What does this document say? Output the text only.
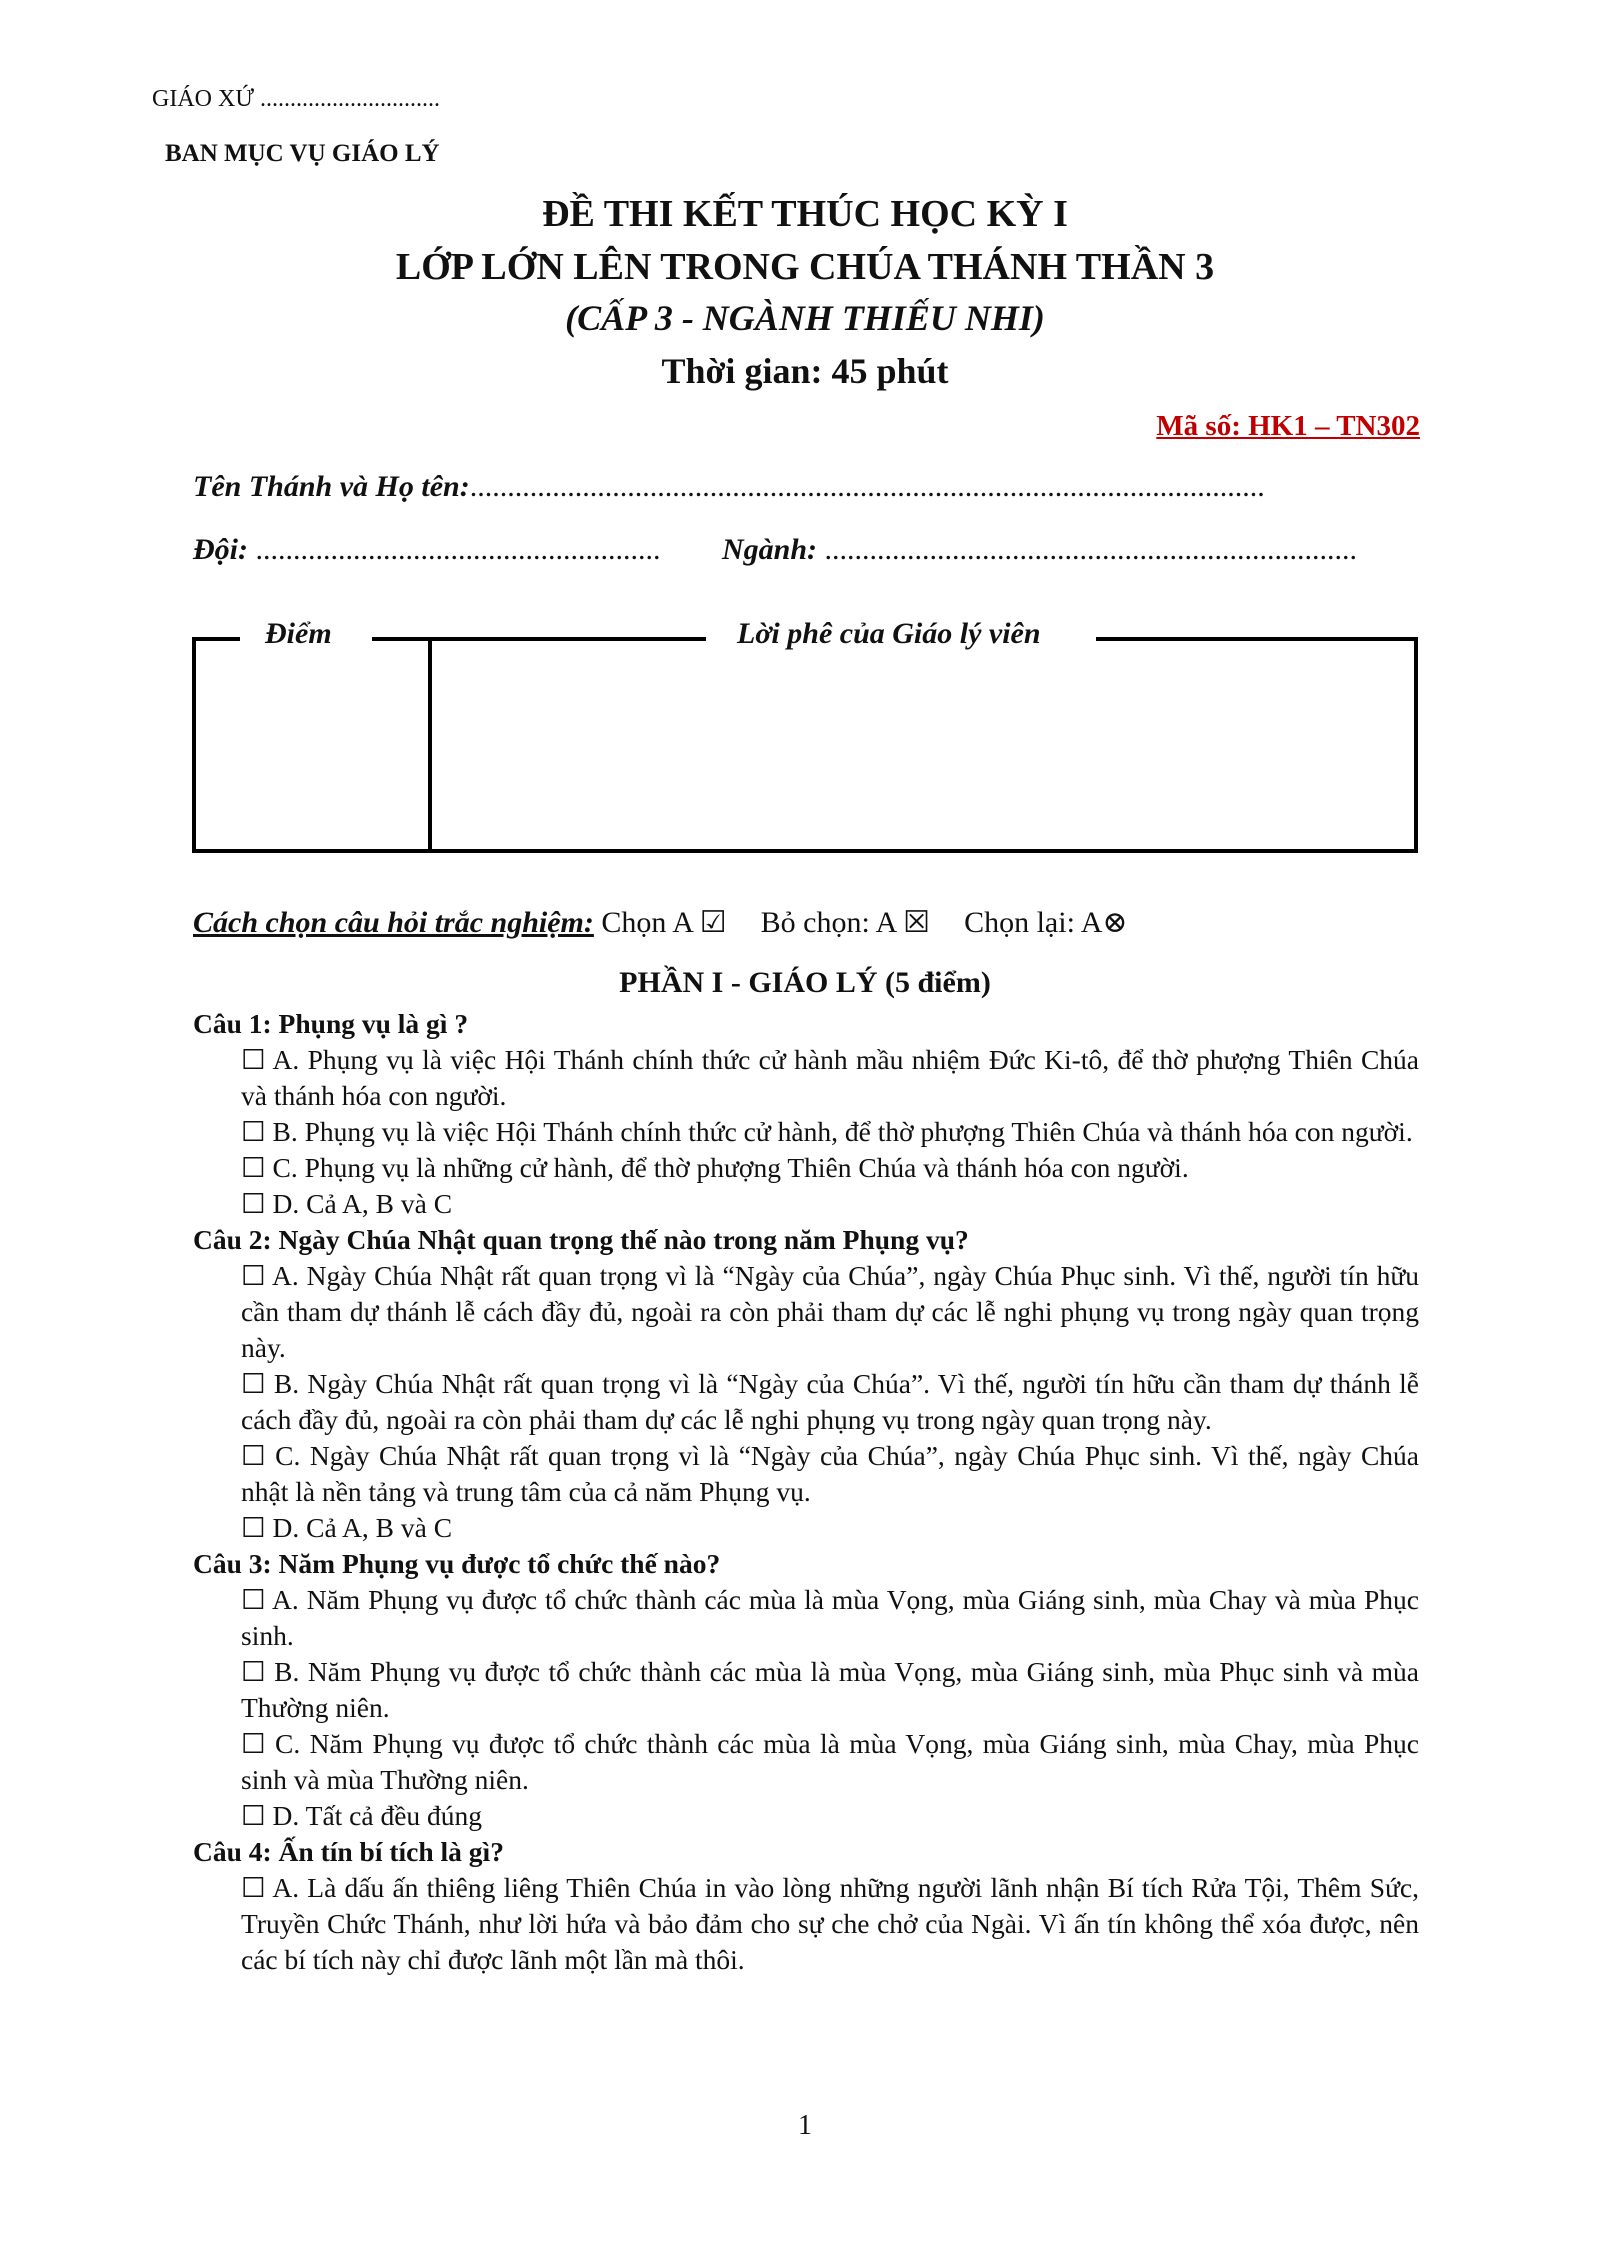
GIÁO XỨ ..............................
BAN MỤC VỤ GIÁO LÝ
ĐỀ THI KẾT THÚC HỌC KỲ I
LỚP LỚN LÊN TRONG CHÚA THÁNH THẦN 3
(CẤP 3 - NGÀNH THIẾU NHI)
Thời gian: 45 phút
Mã số: HK1 – TN302
Tên Thánh và Họ tên:..........................................................................................................
Đội: ...................................................... Ngành: .......................................................................
Điểm	Lời phê của Giáo lý viên
Cách chọn câu hỏi trắc nghiệm: Chọn A ☑ Bỏ chọn: A ☒ Chọn lại: A⊗
PHẦN I - GIÁO LÝ (5 điểm)
Câu 1: Phụng vụ là gì ?
☐ A. Phụng vụ là việc Hội Thánh chính thức cử hành mầu nhiệm Đức Ki-tô, để thờ phượng Thiên Chúa và thánh hóa con người.
☐ B. Phụng vụ là việc Hội Thánh chính thức cử hành, để thờ phượng Thiên Chúa và thánh hóa con người.
☐ C. Phụng vụ là những cử hành, để thờ phượng Thiên Chúa và thánh hóa con người.
☐ D. Cả A, B và C
Câu 2: Ngày Chúa Nhật quan trọng thế nào trong năm Phụng vụ?
☐ A. Ngày Chúa Nhật rất quan trọng vì là “Ngày của Chúa”, ngày Chúa Phục sinh. Vì thế, người tín hữu cần tham dự thánh lễ cách đầy đủ, ngoài ra còn phải tham dự các lễ nghi phụng vụ trong ngày quan trọng này.
☐ B. Ngày Chúa Nhật rất quan trọng vì là “Ngày của Chúa”. Vì thế, người tín hữu cần tham dự thánh lễ cách đầy đủ, ngoài ra còn phải tham dự các lễ nghi phụng vụ trong ngày quan trọng này.
☐ C. Ngày Chúa Nhật rất quan trọng vì là “Ngày của Chúa”, ngày Chúa Phục sinh. Vì thế, ngày Chúa nhật là nền tảng và trung tâm của cả năm Phụng vụ.
☐ D. Cả A, B và C
Câu 3: Năm Phụng vụ được tổ chức thế nào?
☐ A. Năm Phụng vụ được tổ chức thành các mùa là mùa Vọng, mùa Giáng sinh, mùa Chay và mùa Phục sinh.
☐ B. Năm Phụng vụ được tổ chức thành các mùa là mùa Vọng, mùa Giáng sinh, mùa Phục sinh và mùa Thường niên.
☐ C. Năm Phụng vụ được tổ chức thành các mùa là mùa Vọng, mùa Giáng sinh, mùa Chay, mùa Phục sinh và mùa Thường niên.
☐ D. Tất cả đều đúng
Câu 4: Ấn tín bí tích là gì?
☐ A. Là dấu ấn thiêng liêng Thiên Chúa in vào lòng những người lãnh nhận Bí tích Rửa Tội, Thêm Sức, Truyền Chức Thánh, như lời hứa và bảo đảm cho sự che chở của Ngài. Vì ấn tín không thể xóa được, nên các bí tích này chỉ được lãnh một lần mà thôi.
1
